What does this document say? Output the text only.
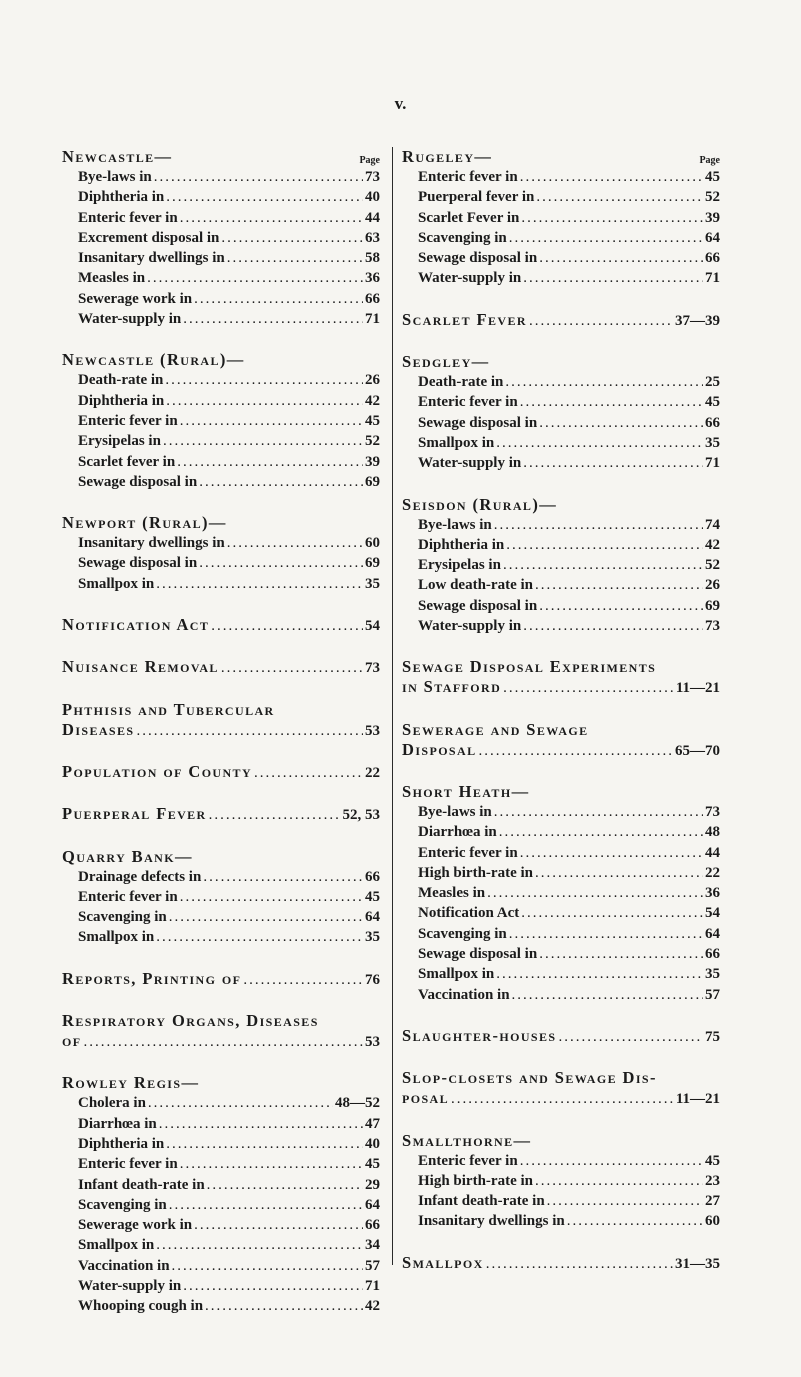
v.
Newcastle—	Page
Bye-laws in .....	73
Diphtheria in .....	40
Enteric fever in .....	44
Excrement disposal in .....	63
Insanitary dwellings in .....	58
Measles in .....	36
Sewerage work in .....	66
Water-supply in .....	71
Newcastle (Rural)—
Death-rate in .....	26
Diphtheria in .....	42
Enteric fever in .....	45
Erysipelas in .....	52
Scarlet fever in .....	39
Sewage disposal in .....	69
Newport (Rural)—
Insanitary dwellings in .....	60
Sewage disposal in .....	69
Smallpox in .....	35
Notification Act .....	54
Nuisance Removal .....	73
Phthisis and Tubercular
Diseases .....	53
Population of County .....	22
Puerperal Fever .....	52, 53
Quarry Bank—
Drainage defects in .....	66
Enteric fever in .....	45
Scavenging in .....	64
Smallpox in .....	35
Reports, Printing of .....	76
Respiratory Organs, Diseases
of .....	53
Rowley Regis—
Cholera in .....	48—52
Diarrhœa in .....	47
Diphtheria in .....	40
Enteric fever in .....	45
Infant death-rate in .....	29
Scavenging in .....	64
Sewerage work in .....	66
Smallpox in .....	34
Vaccination in .....	57
Water-supply in .....	71
Whooping cough in .....	42
Rugeley—	Page
Enteric fever in .....	45
Puerperal fever in .....	52
Scarlet Fever in .....	39
Scavenging in .....	64
Sewage disposal in .....	66
Water-supply in .....	71
Scarlet Fever .....	37—39
Sedgley—
Death-rate in .....	25
Enteric fever in .....	45
Sewage disposal in .....	66
Smallpox in .....	35
Water-supply in .....	71
Seisdon (Rural)—
Bye-laws in .....	74
Diphtheria in .....	42
Erysipelas in .....	52
Low death-rate in .....	26
Sewage disposal in .....	69
Water-supply in .....	73
Sewage Disposal Experiments
in Stafford .....	11—21
Sewerage and Sewage
Disposal .....	65—70
Short Heath—
Bye-laws in .....	73
Diarrhœa in .....	48
Enteric fever in .....	44
High birth-rate in .....	22
Measles in .....	36
Notification Act .....	54
Scavenging in .....	64
Sewage disposal in .....	66
Smallpox in .....	35
Vaccination in .....	57
Slaughter-houses .....	75
Slop-closets and Sewage Dis-
posal .....	11—21
Smallthorne—
Enteric fever in .....	45
High birth-rate in .....	23
Infant death-rate in .....	27
Insanitary dwellings in .....	60
Smallpox .....	31—35
